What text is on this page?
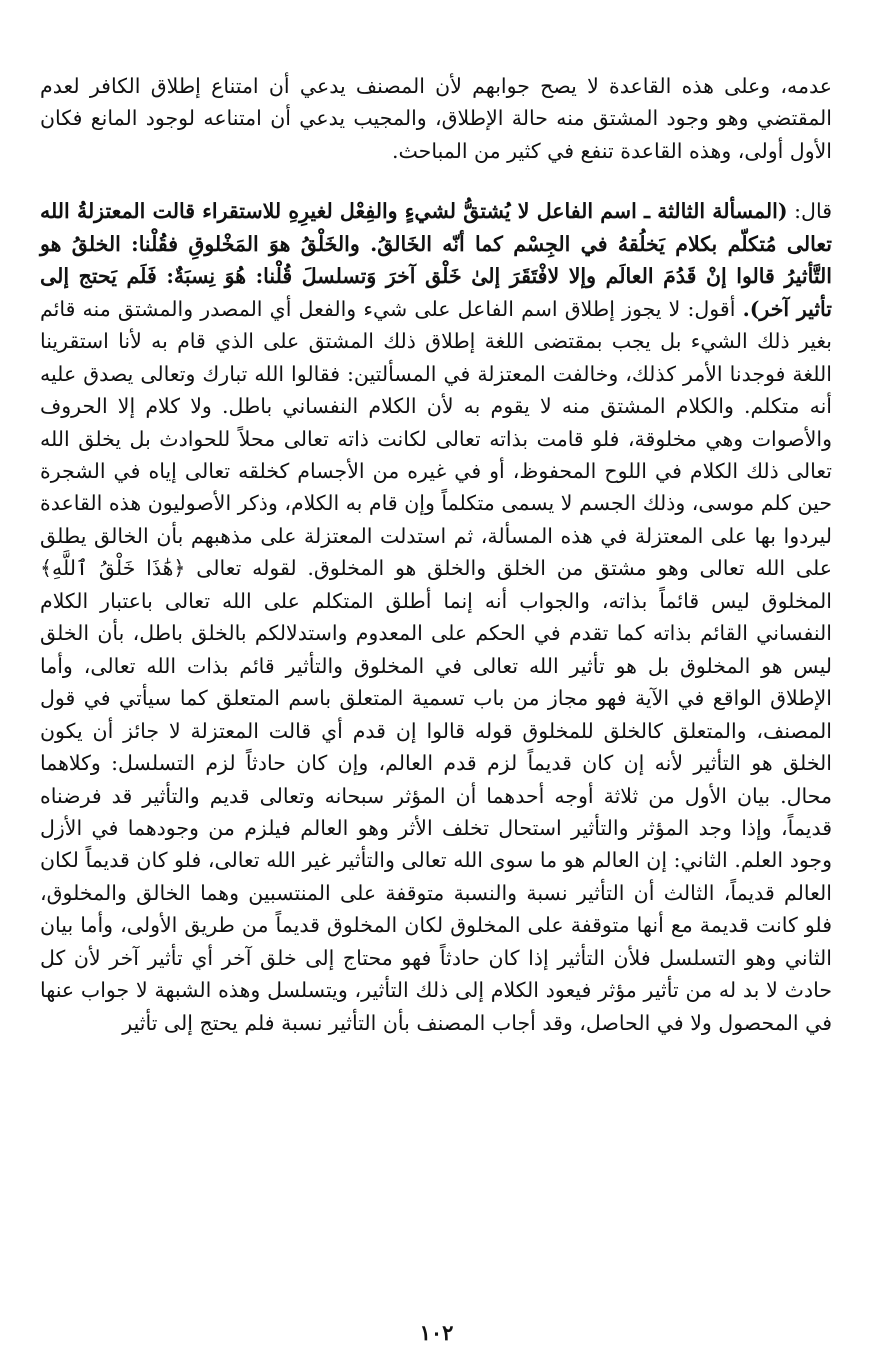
عدمه، وعلى هذه القاعدة لا يصح جوابهم لأن المصنف يدعي أن امتناع إطلاق الكافر لعدم المقتضي وهو وجود المشتق منه حالة الإطلاق، والمجيب يدعي أن امتناعه لوجود المانع فكان الأول أولى، وهذه القاعدة تنفع في كثير من المباحث.

قال: (المسألة الثالثة ـ اسم الفاعل لا يُشتقُّ لشيءٍ والفِعْل لغيرِهِ للاستقراء قالت المعتزلةُ الله تعالى مُتكلّم بكلام يَخلُقهُ في الجِسْم كما أنّه الخَالقُ. والخَلْقُ هوَ المَخْلوقِ فقُلْنا: الخلقُ هو التَّأثيرُ قالوا إنْ قَدُمَ العالَم وإلا لافْتَقَرَ إلىٰ خَلْق آخرَ وَتسلسلَ قُلْنا: هُوَ نِسبَةٌ: فَلَم يَحتج إلى تأثير آخر). أقول: لا يجوز إطلاق اسم الفاعل على شيء والفعل أي المصدر والمشتق منه قائم بغير ذلك الشيء بل يجب بمقتضى اللغة إطلاق ذلك المشتق على الذي قام به لأنا استقرينا اللغة فوجدنا الأمر كذلك، وخالفت المعتزلة في المسألتين: فقالوا الله تبارك وتعالى يصدق عليه أنه متكلم. والكلام المشتق منه لا يقوم به لأن الكلام النفساني باطل. ولا كلام إلا الحروف والأصوات وهي مخلوقة، فلو قامت بذاته تعالى لكانت ذاته تعالى محلاً للحوادث بل يخلق الله تعالى ذلك الكلام في اللوح المحفوظ، أو في غيره من الأجسام كخلقه تعالى إياه في الشجرة حين كلم موسى، وذلك الجسم لا يسمى متكلماً وإن قام به الكلام، وذكر الأصوليون هذه القاعدة ليردوا بها على المعتزلة في هذه المسألة، ثم استدلت المعتزلة على مذهبهم بأن الخالق يطلق على الله تعالى وهو مشتق من الخلق والخلق هو المخلوق. لقوله تعالى ﴿هَٰذَا خَلْقُ ٱللَّهِ﴾ المخلوق ليس قائماً بذاته، والجواب أنه إنما أطلق المتكلم على الله تعالى باعتبار الكلام النفساني القائم بذاته كما تقدم في الحكم على المعدوم واستدلالكم بالخلق باطل، بأن الخلق ليس هو المخلوق بل هو تأثير الله تعالى في المخلوق والتأثير قائم بذات الله تعالى، وأما الإطلاق الواقع في الآية فهو مجاز من باب تسمية المتعلق باسم المتعلق كما سيأتي في قول المصنف، والمتعلق كالخلق للمخلوق قوله قالوا إن قدم أي قالت المعتزلة لا جائز أن يكون الخلق هو التأثير لأنه إن كان قديماً لزم قدم العالم، وإن كان حادثاً لزم التسلسل: وكلاهما محال. بيان الأول من ثلاثة أوجه أحدهما أن المؤثر سبحانه وتعالى قديم والتأثير قد فرضناه قديماً، وإذا وجد المؤثر والتأثير استحال تخلف الأثر وهو العالم فيلزم من وجودهما في الأزل وجود العلم. الثاني: إن العالم هو ما سوى الله تعالى والتأثير غير الله تعالى، فلو كان قديماً لكان العالم قديماً، الثالث أن التأثير نسبة والنسبة متوقفة على المنتسبين وهما الخالق والمخلوق، فلو كانت قديمة مع أنها متوقفة على المخلوق لكان المخلوق قديماً من طريق الأولى، وأما بيان الثاني وهو التسلسل فلأن التأثير إذا كان حادثاً فهو محتاج إلى خلق آخر أي تأثير آخر لأن كل حادث لا بد له من تأثير مؤثر فيعود الكلام إلى ذلك التأثير، ويتسلسل وهذه الشبهة لا جواب عنها في المحصول ولا في الحاصل، وقد أجاب المصنف بأن التأثير نسبة فلم يحتج إلى تأثير

١٠٢
